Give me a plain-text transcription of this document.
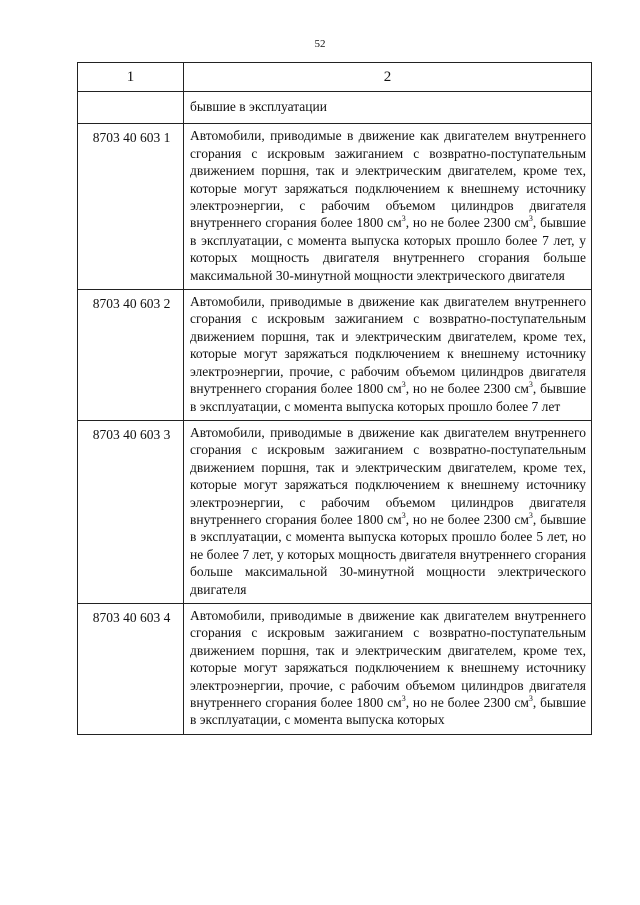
52
1	2
	бывшие в эксплуатации
8703 40 603 1	Автомобили, приводимые в движение как двигателем внутреннего сгорания с искровым зажиганием с возвратно-поступательным движением поршня, так и электрическим двигателем, кроме тех, которые могут заряжаться подключением к внешнему источнику электроэнергии, с рабочим объемом цилиндров двигателя внутреннего сгорания более 1800 $см^3$, но не более 2300 $см^3$, бывшие в эксплуатации, с момента выпуска которых прошло более 7 лет, у которых мощность двигателя внутреннего сгорания больше максимальной 30-минутной мощности электрического двигателя
8703 40 603 2	Автомобили, приводимые в движение как двигателем внутреннего сгорания с искровым зажиганием с возвратно-поступательным движением поршня, так и электрическим двигателем, кроме тех, которые могут заряжаться подключением к внешнему источнику электроэнергии, прочие, с рабочим объемом цилиндров двигателя внутреннего сгорания более 1800 $см^3$, но не более 2300 $см^3$, бывшие в эксплуатации, с момента выпуска которых прошло более 7 лет
8703 40 603 3	Автомобили, приводимые в движение как двигателем внутреннего сгорания с искровым зажиганием с возвратно-поступательным движением поршня, так и электрическим двигателем, кроме тех, которые могут заряжаться подключением к внешнему источнику электроэнергии, с рабочим объемом цилиндров двигателя внутреннего сгорания более 1800 $см^3$, но не более 2300 $см^3$, бывшие в эксплуатации, с момента выпуска которых прошло более 5 лет, но не более 7 лет, у которых мощность двигателя внутреннего сгорания больше максимальной 30-минутной мощности электрического двигателя
8703 40 603 4	Автомобили, приводимые в движение как двигателем внутреннего сгорания с искровым зажиганием с возвратно-поступательным движением поршня, так и электрическим двигателем, кроме тех, которые могут заряжаться подключением к внешнему источнику электроэнергии, прочие, с рабочим объемом цилиндров двигателя внутреннего сгорания более 1800 $см^3$, но не более 2300 $см^3$, бывшие в эксплуатации, с момента выпуска которых
